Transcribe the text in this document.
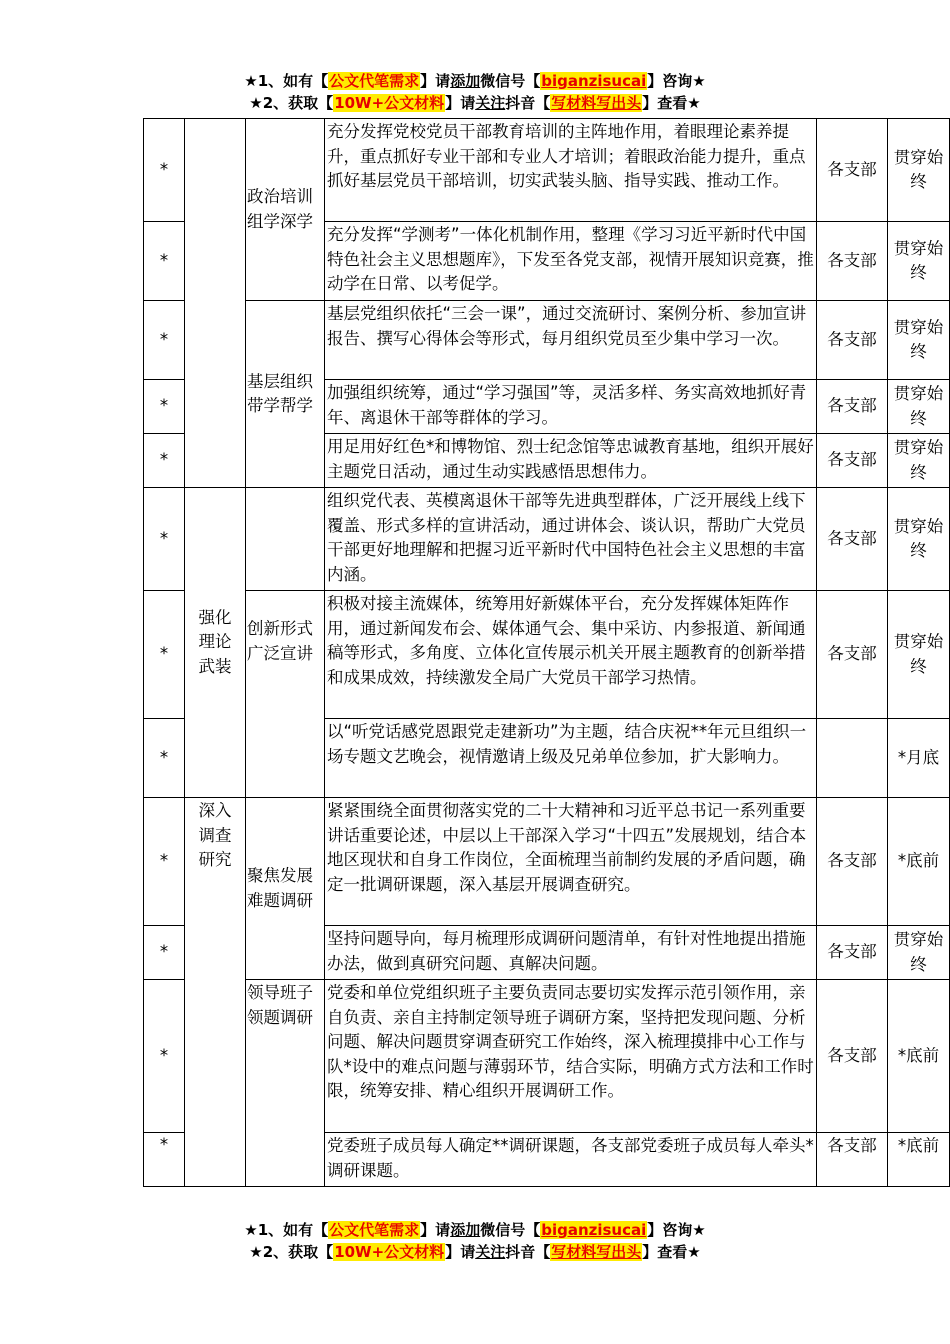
★1、如有【公文代笔需求】请添加微信号【biganzisucai】咨询★
★2、获取【10W+公文材料】请关注抖音【写材料写出头】查看★
*		政治培训组学深学	充分发挥党校党员干部教育培训的主阵地作用，着眼理论素养提升，重点抓好专业干部和专业人才培训；着眼政治能力提升，重点抓好基层党员干部培训，切实武装头脑、指导实践、推动工作。	各支部	贯穿始终
*			充分发挥“学测考”一体化机制作用，整理《学习习近平新时代中国特色社会主义思想题库》，下发至各党支部，视情开展知识竞赛，推动学在日常、以考促学。	各支部	贯穿始终
*		基层组织带学帮学	基层党组织依托“三会一课”，通过交流研讨、案例分析、参加宣讲报告、撰写心得体会等形式，每月组织党员至少集中学习一次。	各支部	贯穿始终
*			加强组织统筹，通过“学习强国”等，灵活多样、务实高效地抓好青年、离退休干部等群体的学习。	各支部	贯穿始终
*			用足用好红色*和博物馆、烈士纪念馆等忠诚教育基地，组织开展好主题党日活动，通过生动实践感悟思想伟力。	各支部	贯穿始终
*	强化理论武装		组织党代表、英模离退休干部等先进典型群体，广泛开展线上线下覆盖、形式多样的宣讲活动，通过讲体会、谈认识，帮助广大党员干部更好地理解和把握习近平新时代中国特色社会主义思想的丰富内涵。	各支部	贯穿始终
*		创新形式广泛宣讲	积极对接主流媒体，统筹用好新媒体平台，充分发挥媒体矩阵作用，通过新闻发布会、媒体通气会、集中采访、内参报道、新闻通稿等形式，多角度、立体化宣传展示机关开展主题教育的创新举措和成果成效，持续激发全局广大党员干部学习热情。	各支部	贯穿始终
*			以“听党话感党恩跟党走建新功”为主题，结合庆祝**年元旦组织一场专题文艺晚会，视情邀请上级及兄弟单位参加，扩大影响力。		*月底
*	深入调查研究	聚焦发展难题调研	紧紧围绕全面贯彻落实党的二十大精神和习近平总书记一系列重要讲话重要论述，中层以上干部深入学习“十四五”发展规划，结合本地区现状和自身工作岗位，全面梳理当前制约发展的矛盾问题，确定一批调研课题，深入基层开展调查研究。	各支部	*底前
*			坚持问题导向，每月梳理形成调研问题清单，有针对性地提出措施办法，做到真研究问题、真解决问题。	各支部	贯穿始终
*		领导班子领题调研	党委和单位党组织班子主要负责同志要切实发挥示范引领作用，亲自负责、亲自主持制定领导班子调研方案，坚持把发现问题、分析问题、解决问题贯穿调查研究工作始终，深入梳理摸排中心工作与队*设中的难点问题与薄弱环节，结合实际，明确方式方法和工作时限，统筹安排、精心组织开展调研工作。	各支部	*底前
*			党委班子成员每人确定**调研课题，各支部党委班子成员每人牵头*调研课题。	各支部	*底前
★1、如有【公文代笔需求】请添加微信号【biganzisucai】咨询★
★2、获取【10W+公文材料】请关注抖音【写材料写出头】查看★
